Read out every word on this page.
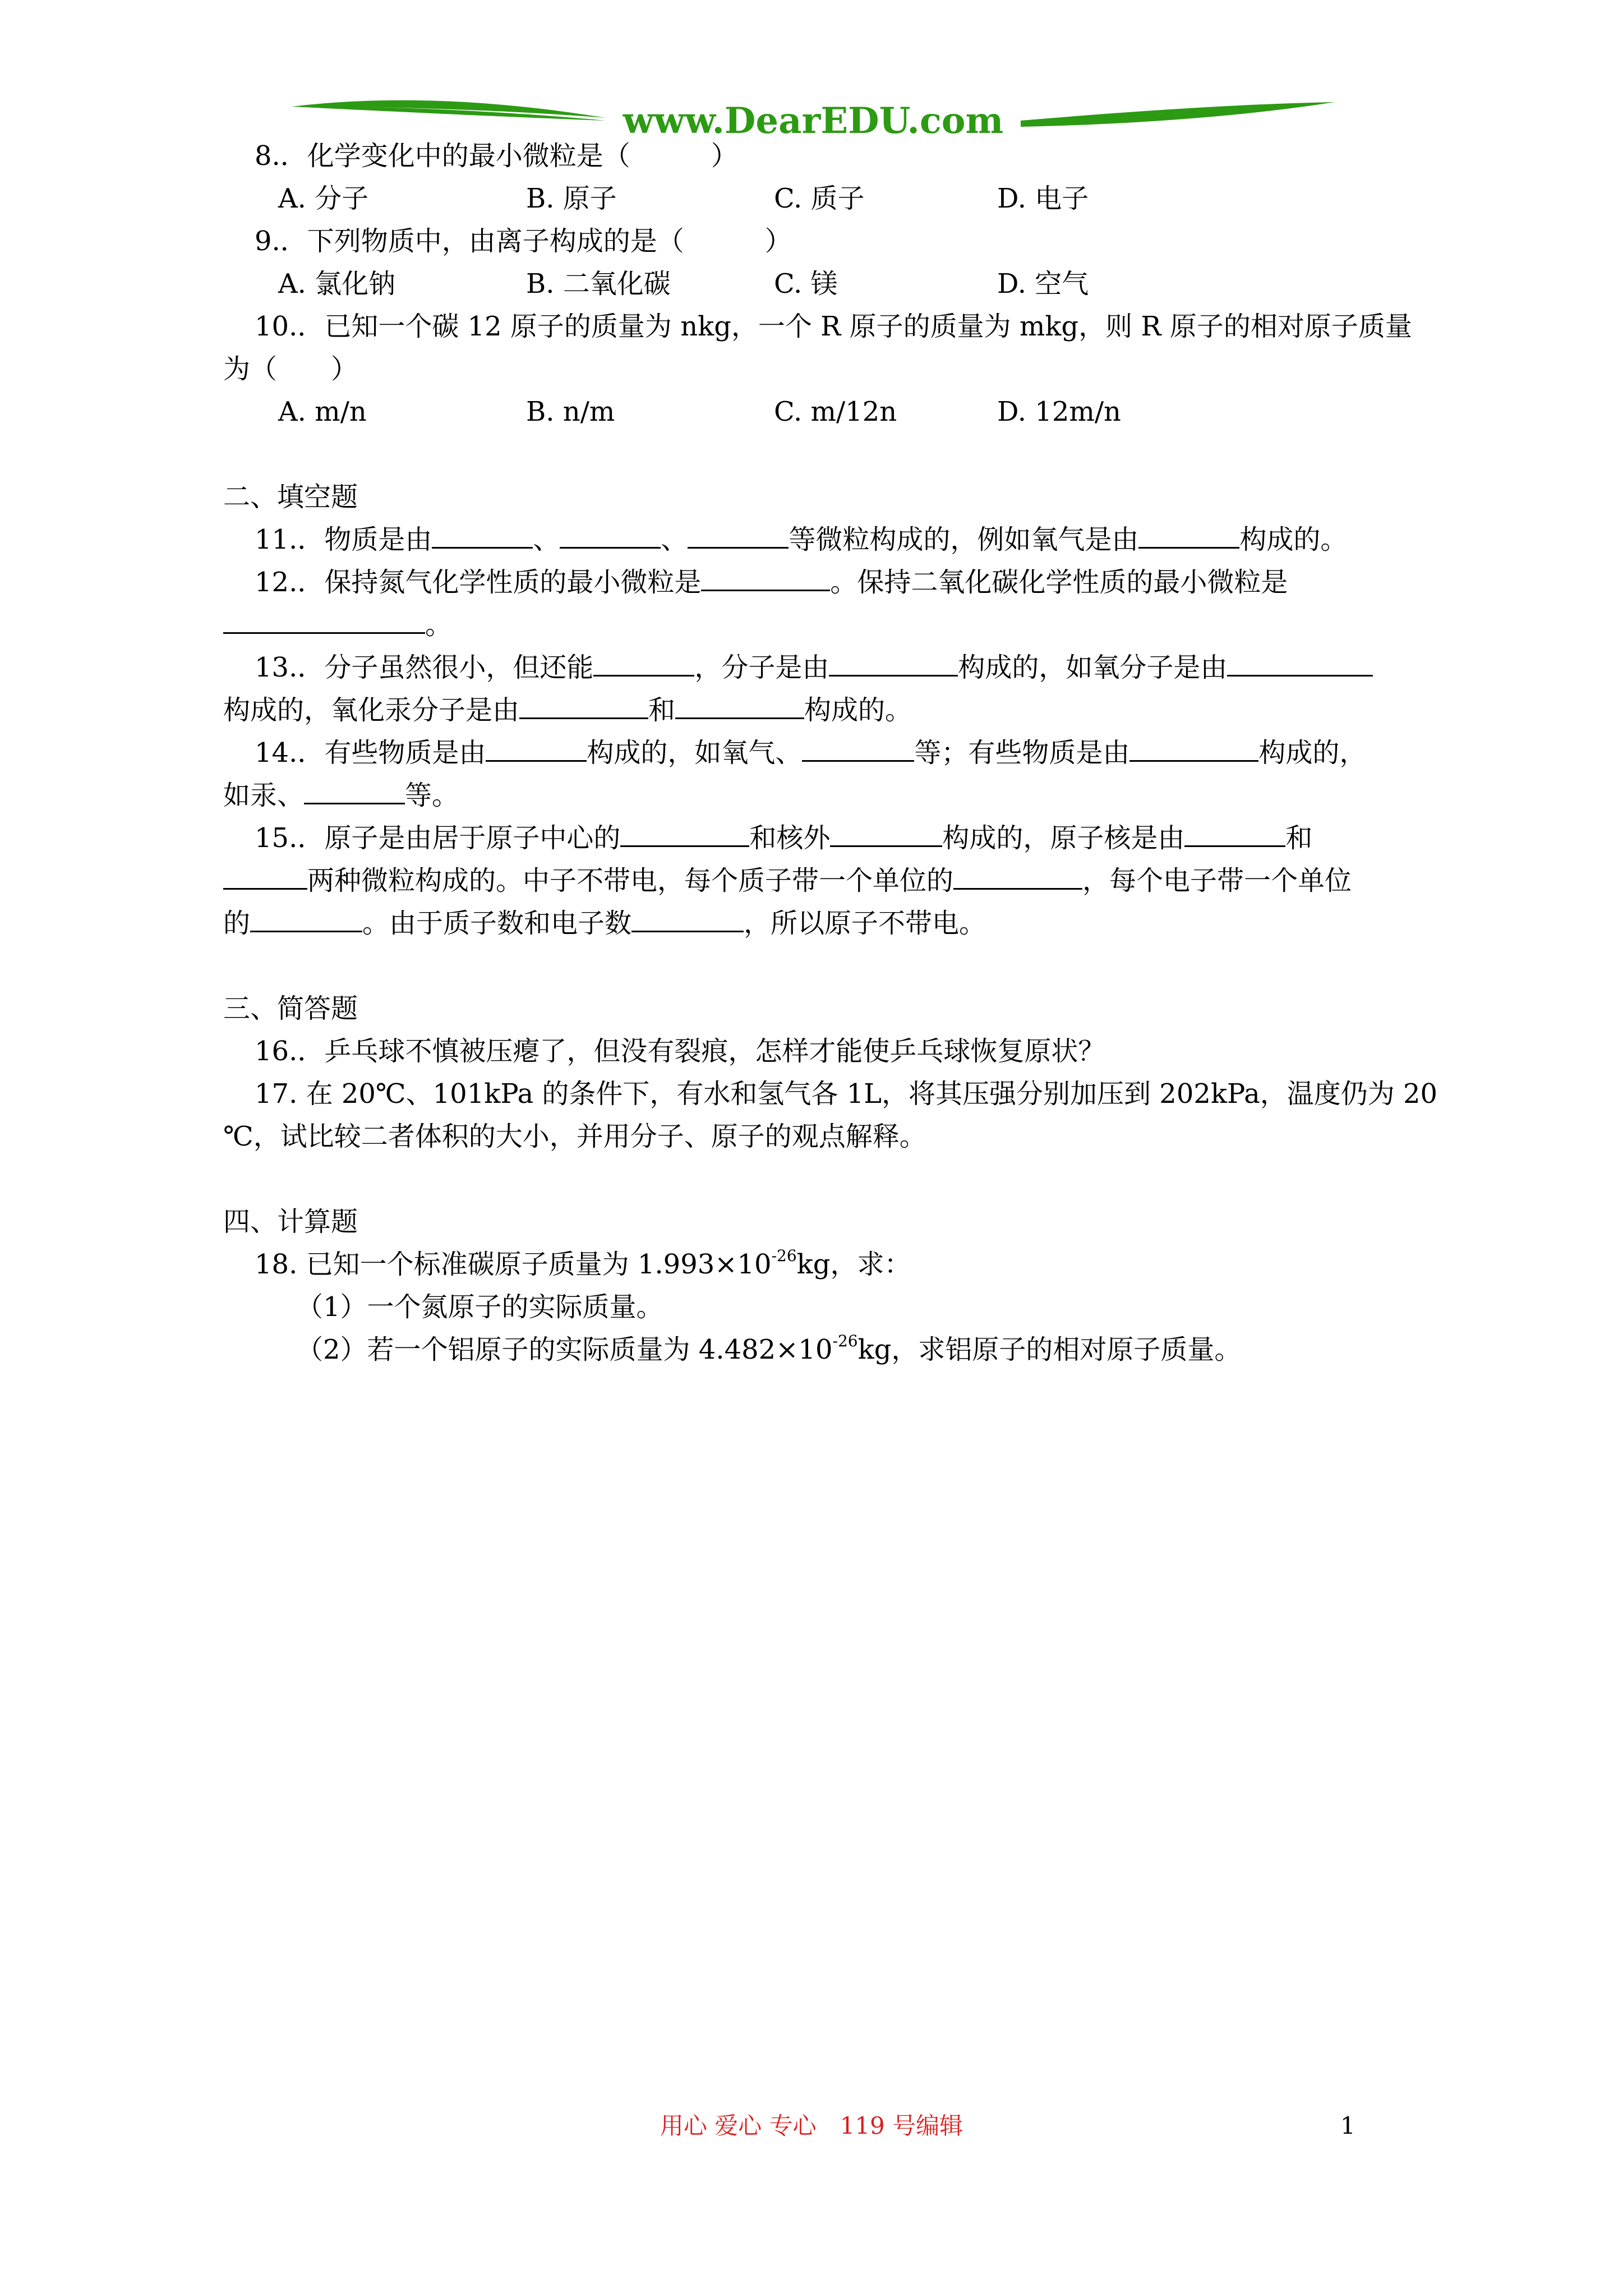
www.DearEDU.com
8.．化学变化中的最小微粒是（　　　）
A. 分子	B. 原子	C. 质子	D. 电子
9.．下列物质中，由离子构成的是（　　　）
A. 氯化钠	B. 二氧化碳	C. 镁	D. 空气
10.．已知一个碳 12 原子的质量为 nkg，一个 R 原子的质量为 mkg，则 R 原子的相对原子质量
为（　　）
A. m/n	B. n/m	C. m/12n	D. 12m/n
二、填空题
11.．物质是由	、	、	等微粒构成的，例如氧气是由	构成的。
12.．保持氮气化学性质的最小微粒是	。保持二氧化碳化学性质的最小微粒是
。
13.．分子虽然很小，但还能	，分子是由	构成的，如氧分子是由
构成的，氧化汞分子是由	和	构成的。
14.．有些物质是由	构成的，如氧气、	等；有些物质是由	构成的，
如汞、	等。
15.．原子是由居于原子中心的	和核外	构成的，原子核是由	和
两种微粒构成的。中子不带电，每个质子带一个单位的	，每个电子带一个单位
的	。由于质子数和电子数	，所以原子不带电。
三、简答题
16.．乒乓球不慎被压瘪了，但没有裂痕，怎样才能使乒乓球恢复原状？
17. 在 20℃、101kPa 的条件下，有水和氢气各 1L，将其压强分别加压到 202kPa，温度仍为 20
℃，试比较二者体积的大小，并用分子、原子的观点解释。
四、计算题
18. 已知一个标准碳原子质量为 $1.993\times 10^{-26}kg$，求：
（1）一个氮原子的实际质量。
（2）若一个铝原子的实际质量为 $4.482\times 10^{-26}kg$，求铝原子的相对原子质量。
用心 爱心 专心　119 号编辑	1
